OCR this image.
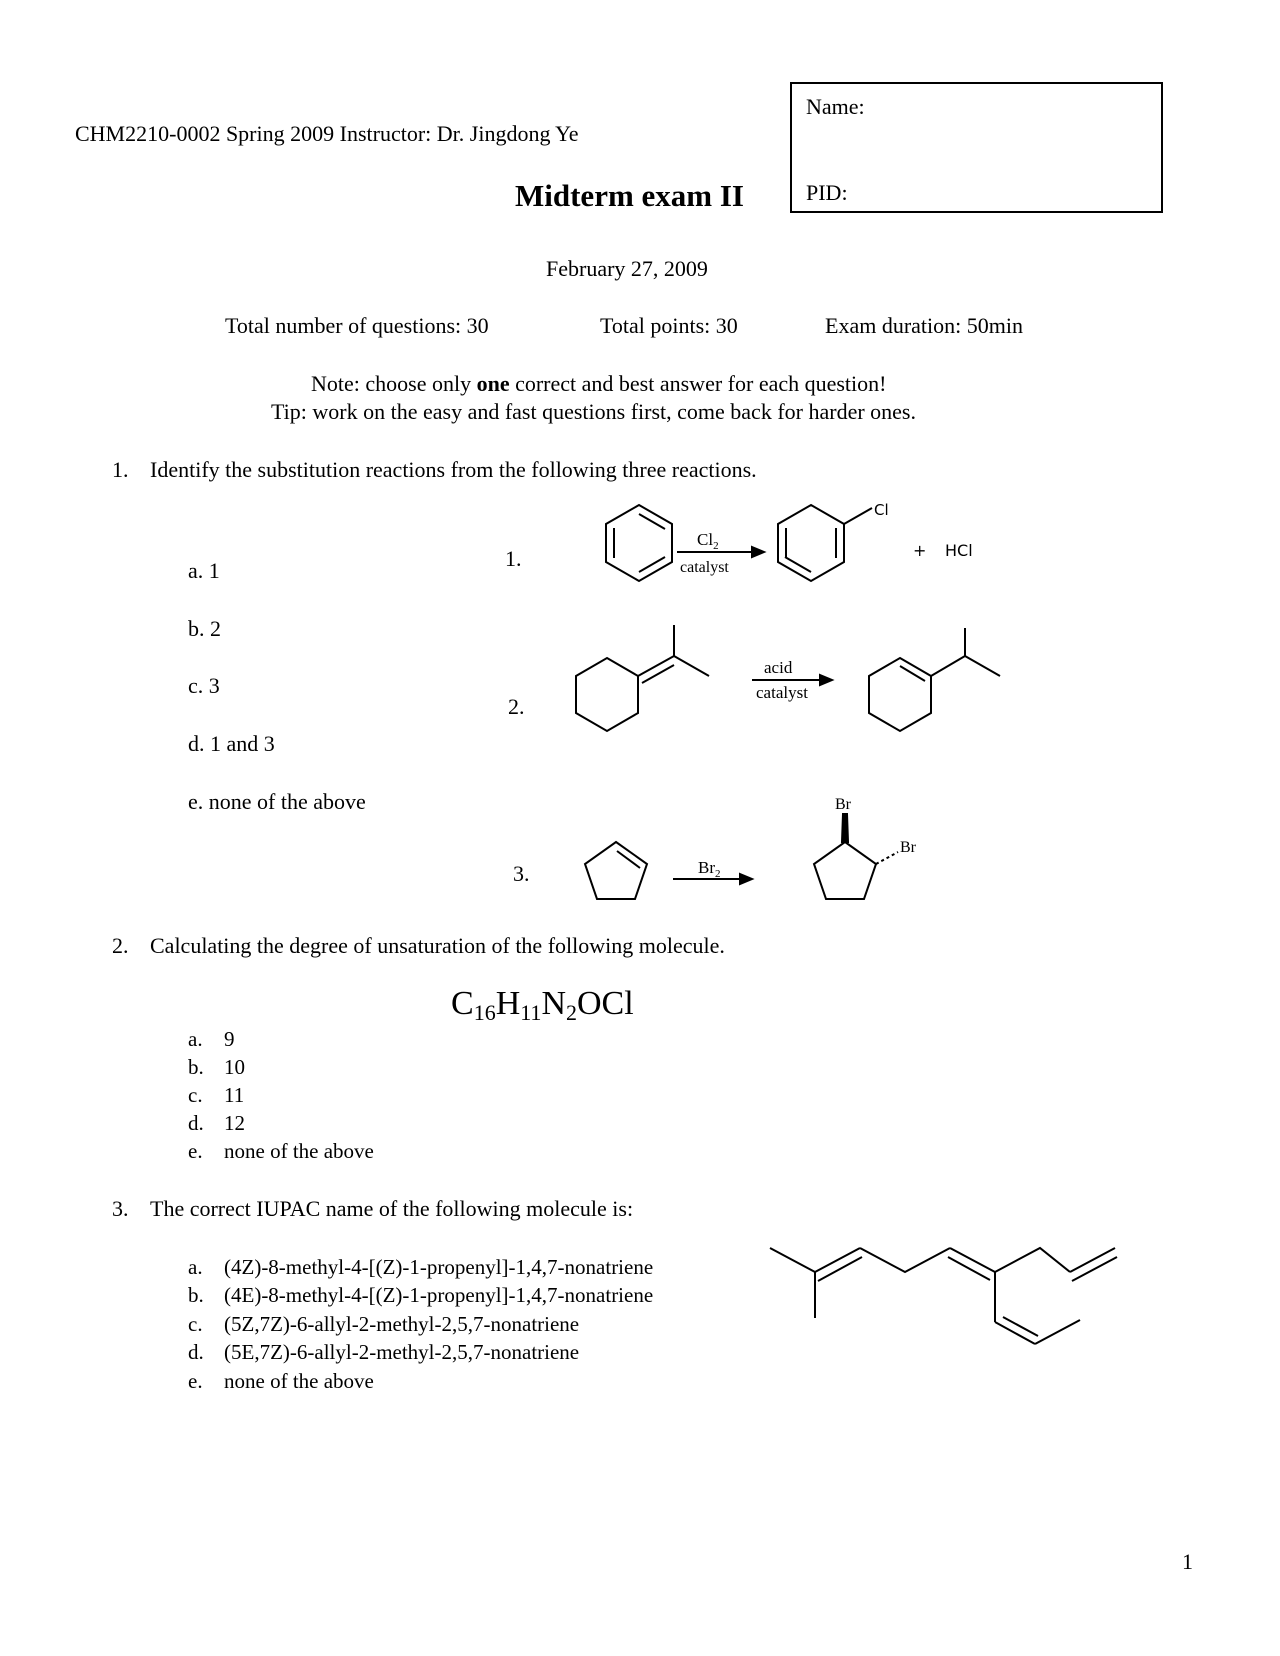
CHM2210-0002 Spring 2009 Instructor: Dr. Jingdong Ye
Midterm exam II
Name:
PID:
February 27, 2009
Total number of questions: 30	Total points: 30	Exam duration: 50min
Note: choose only one correct and best answer for each question!
Tip: work on the easy and fast questions first, come back for harder ones.
1. Identify the substitution reactions from the following three reactions.
a. 1
b. 2
c. 3
d. 1 and 3
e. none of the above
1.
2.
3.
$Cl_2$
catalyst
Cl
+ HCl
acid
catalyst
$Br_2$
Br
Br
2. Calculating the degree of unsaturation of the following molecule.
$C_{16}H_{11}N_2OCl$
a. 9
b. 10
c. 11
d. 12
e. none of the above
3. The correct IUPAC name of the following molecule is:
a. (4Z)-8-methyl-4-[(Z)-1-propenyl]-1,4,7-nonatriene
b. (4E)-8-methyl-4-[(Z)-1-propenyl]-1,4,7-nonatriene
c. (5Z,7Z)-6-allyl-2-methyl-2,5,7-nonatriene
d. (5E,7Z)-6-allyl-2-methyl-2,5,7-nonatriene
e. none of the above
1
